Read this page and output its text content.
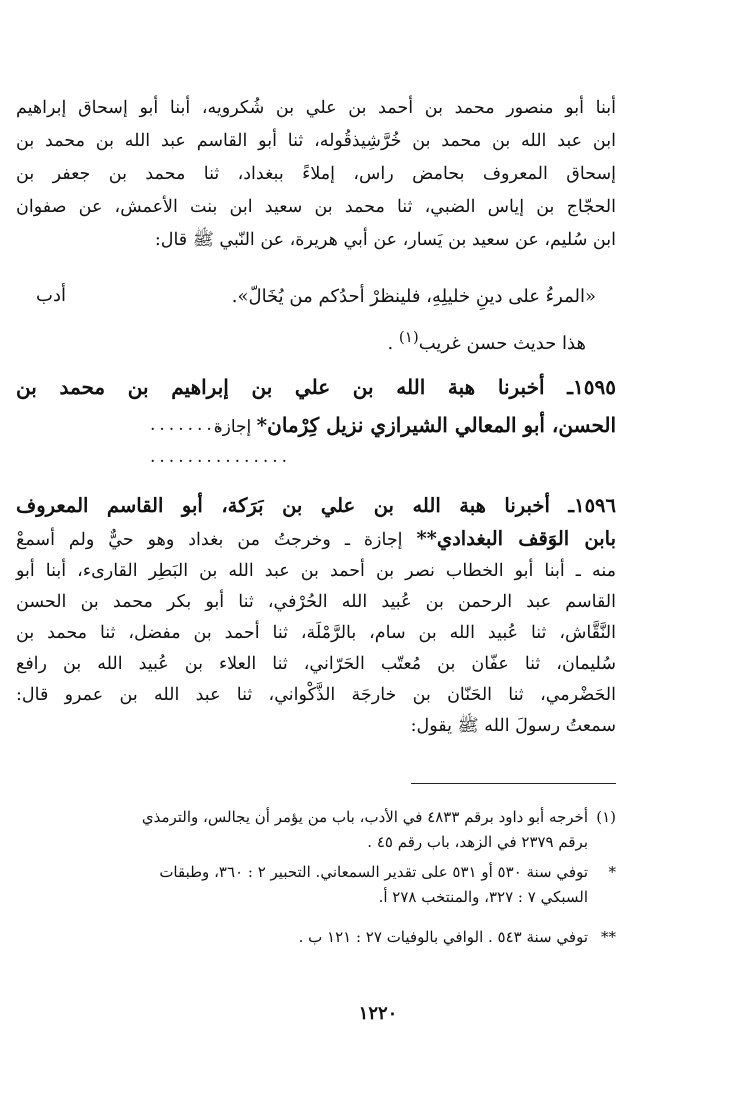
أبنا أبو منصور محمد بن أحمد بن علي بن شُكرويه، أبنا أبو إسحاق إبراهيم
ابن عبد الله بن محمد بن خُرَّشِيذقُوله، ثنا أبو القاسم عبد الله بن محمد بن
إسحاق المعروف بحامض راس، إملاءً ببغداد، ثنا محمد بن جعفر بن
الحجّاج بن إياس الضبي، ثنا محمد بن سعيد ابن بنت الأعمش، عن صفوان
ابن سُليم، عن سعيد بن يَسار، عن أبي هريرة، عن النّبي ﷺ قال:
أدب	«المرءُ على دينِ خليلِهِ، فلينظرْ أحدُكم من يُخَالّ».
هذا حديث حسن غريب$^{(١)}$ .
١٥٩٥ـ أخبرنا هبة الله بن علي بن إبراهيم بن محمد بن
الحسن، أبو المعالي الشيرازي نزيل كِرْمان* إجازة
........
...............
١٥٩٦ـ أخبرنا هبة الله بن علي بن بَرَكة، أبو القاسم المعروف
بابن الوَقف البغدادي** إجازة ـ وخرجتُ من بغداد وهو حيٌّ ولم أسمعْ
منه ـ أبنا أبو الخطاب نصر بن أحمد بن عبد الله بن البَطِر القارىء، أبنا أبو
القاسم عبد الرحمن بن عُبيد الله الحُرْفي، ثنا أبو بكر محمد بن الحسن
النَّقَّاش، ثنا عُبيد الله بن سام، بالرَّمْلَة، ثنا أحمد بن مفضل، ثنا محمد بن
سُليمان، ثنا عفّان بن مُعتّب الحَرّاني، ثنا العلاء بن عُبيد الله بن رافع
الحَضْرمي، ثنا الحَنّان بن خارجَة الذَّكْواني، ثنا عبد الله بن عمرو قال:
سمعتُ رسولَ الله ﷺ يقول:
(١)أخرجه أبو داود برقم ٤٨٣٣ في الأدب، باب من يؤمر أن يجالس، والترمذي
برقم ٢٣٧٩ في الزهد، باب رقم ٤٥ .
*توفي سنة ٥٣٠ أو ٥٣١ على تقدير السمعاني. التحبير ٢ : ٣٦٠، وطبقات
السبكي ٧ : ٣٢٧، والمنتخب ٢٧٨ أ.
**توفي سنة ٥٤٣ . الوافي بالوفيات ٢٧ : ١٢١ ب .
١٢٢٠
